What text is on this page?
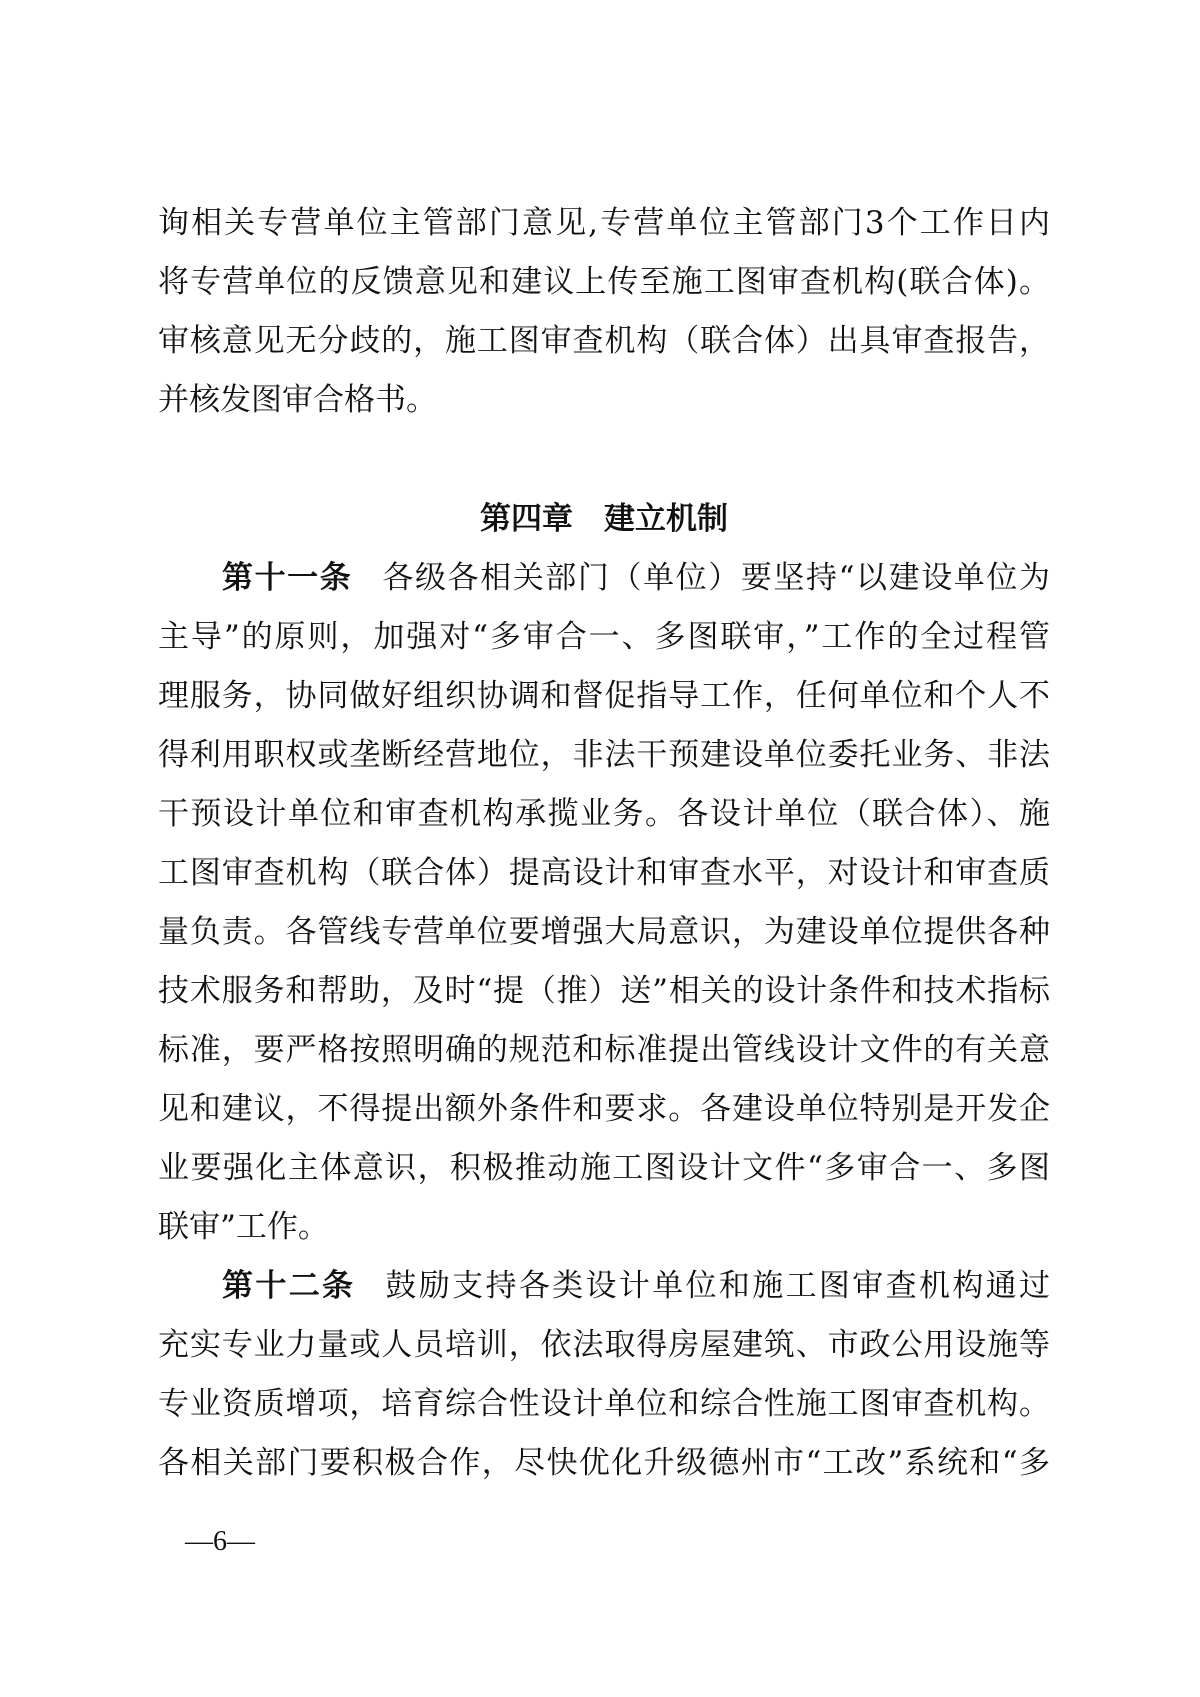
询相关专营单位主管部门意见,专营单位主管部门3个工作日内
将专营单位的反馈意见和建议上传至施工图审查机构(联合体)。
审核意见无分歧的，施工图审查机构（联合体）出具审查报告，
并核发图审合格书。
第四章　建立机制
第十一条 各级各相关部门（单位）要坚持“以建设单位为
主导”的原则，加强对“多审合一、多图联审，”工作的全过程管
理服务，协同做好组织协调和督促指导工作，任何单位和个人不
得利用职权或垄断经营地位，非法干预建设单位委托业务、非法
干预设计单位和审查机构承揽业务。各设计单位（联合体）、施
工图审查机构（联合体）提高设计和审查水平，对设计和审查质
量负责。各管线专营单位要增强大局意识，为建设单位提供各种
技术服务和帮助，及时“提（推）送”相关的设计条件和技术指标
标准，要严格按照明确的规范和标准提出管线设计文件的有关意
见和建议，不得提出额外条件和要求。各建设单位特别是开发企
业要强化主体意识，积极推动施工图设计文件“多审合一、多图
联审”工作。
第十二条 鼓励支持各类设计单位和施工图审查机构通过
充实专业力量或人员培训，依法取得房屋建筑、市政公用设施等
专业资质增项，培育综合性设计单位和综合性施工图审查机构。
各相关部门要积极合作，尽快优化升级德州市“工改”系统和“多
—6—
